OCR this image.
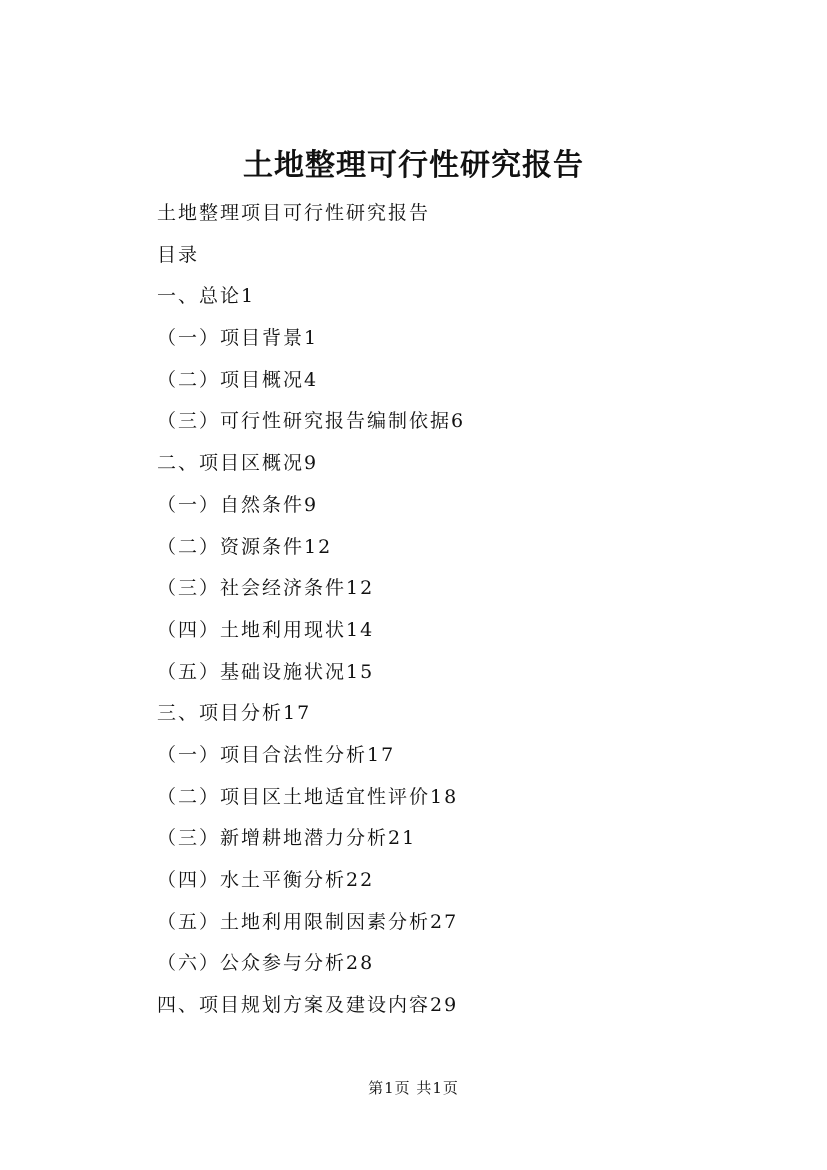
土地整理可行性研究报告
土地整理项目可行性研究报告
目录
一、总论1
（一）项目背景1
（二）项目概况4
（三）可行性研究报告编制依据6
二、项目区概况9
（一）自然条件9
（二）资源条件12
（三）社会经济条件12
（四）土地利用现状14
（五）基础设施状况15
三、项目分析17
（一）项目合法性分析17
（二）项目区土地适宜性评价18
（三）新增耕地潜力分析21
（四）水土平衡分析22
（五）土地利用限制因素分析27
（六）公众参与分析28
四、项目规划方案及建设内容29
第1页 共1页
